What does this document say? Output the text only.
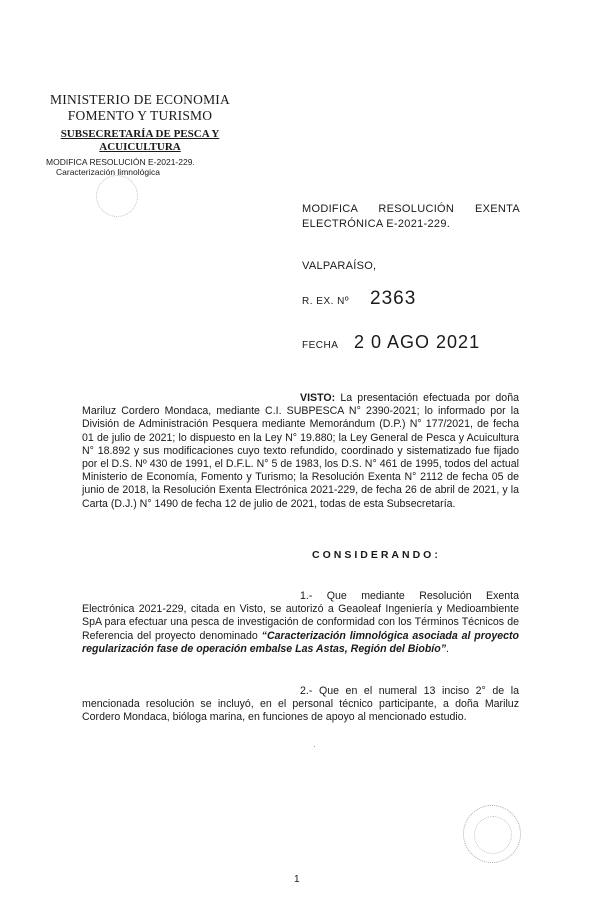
MINISTERIO DE ECONOMIA
FOMENTO Y TURISMO
SUBSECRETARÍA DE PESCA Y
ACUICULTURA
MODIFICA RESOLUCIÓN E-2021-229.
Caracterización limnológica
MODIFICA RESOLUCIÓN EXENTA
ELECTRÓNICA E-2021-229.
VALPARAÍSO,
R. EX. Nº 2363
FECHA 2 0 AGO 2021
VISTO: La presentación efectuada por doña Mariluz Cordero Mondaca, mediante C.I. SUBPESCA N° 2390-2021; lo informado por la División de Administración Pesquera mediante Memorándum (D.P.) N° 177/2021, de fecha 01 de julio de 2021; lo dispuesto en la Ley N° 19.880; la Ley General de Pesca y Acuicultura N° 18.892 y sus modificaciones cuyo texto refundido, coordinado y sistematizado fue fijado por el D.S. Nº 430 de 1991, el D.F.L. N° 5 de 1983, los D.S. N° 461 de 1995, todos del actual Ministerio de Economía, Fomento y Turismo; la Resolución Exenta N° 2112 de fecha 05 de junio de 2018, la Resolución Exenta Electrónica 2021-229, de fecha 26 de abril de 2021, y la Carta (D.J.) N° 1490 de fecha 12 de julio de 2021, todas de esta Subsecretaría.
CONSIDERANDO:
1.- Que mediante Resolución Exenta Electrónica 2021-229, citada en Visto, se autorizó a Geaoleaf Ingeniería y Medioambiente SpA para efectuar una pesca de investigación de conformidad con los Términos Técnicos de Referencia del proyecto denominado “Caracterización limnológica asociada al proyecto regularización fase de operación embalse Las Astas, Región del Biobío”.
2.- Que en el numeral 13 inciso 2° de la mencionada resolución se incluyó, en el personal técnico participante, a doña Mariluz Cordero Mondaca, bióloga marina, en funciones de apoyo al mencionado estudio.
·
1
